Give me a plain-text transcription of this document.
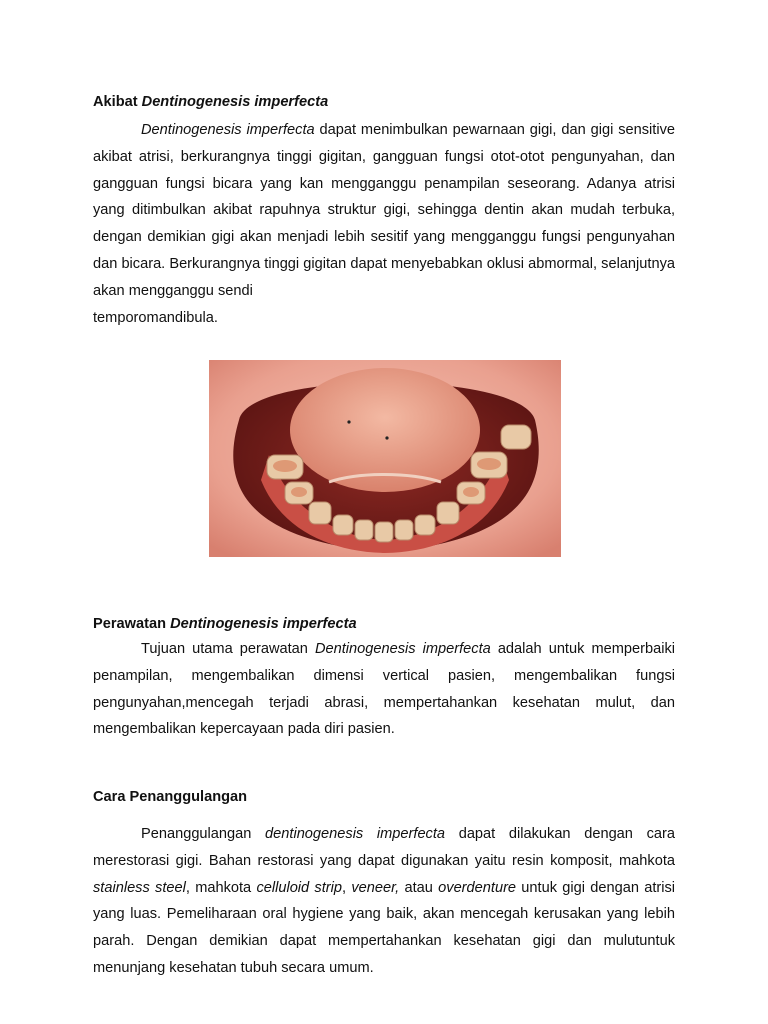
Akibat Dentinogenesis imperfecta

Dentinogenesis imperfecta dapat menimbulkan pewarnaan gigi, dan gigi sensitive akibat atrisi, berkurangnya tinggi gigitan, gangguan fungsi otot-otot pengunyahan, dan gangguan fungsi bicara yang kan mengganggu penampilan seseorang. Adanya atrisi yang ditimbulkan akibat rapuhnya struktur gigi, sehingga dentin akan mudah terbuka, dengan demikian gigi akan menjadi lebih sesitif yang mengganggu fungsi pengunyahan dan bicara. Berkurangnya tinggi gigitan dapat menyebabkan oklusi abmormal, selanjutnya akan mengganggu sendi

temporomandibula.

Perawatan Dentinogenesis imperfecta

Tujuan utama perawatan Dentinogenesis imperfecta adalah untuk memperbaiki penampilan, mengembalikan dimensi vertical pasien, mengembalikan fungsi pengunyahan,mencegah terjadi abrasi, mempertahankan kesehatan mulut, dan mengembalikan kepercayaan pada diri pasien.

Cara Penanggulangan

Penanggulangan dentinogenesis imperfecta dapat dilakukan dengan cara merestorasi gigi. Bahan restorasi yang dapat digunakan yaitu resin komposit, mahkota stainless steel, mahkota celluloid strip, veneer, atau overdenture untuk gigi dengan atrisi yang luas. Pemeliharaan oral hygiene yang baik, akan mencegah kerusakan yang lebih parah. Dengan demikian dapat mempertahankan kesehatan gigi dan mulutuntuk menunjang kesehatan tubuh secara umum.
